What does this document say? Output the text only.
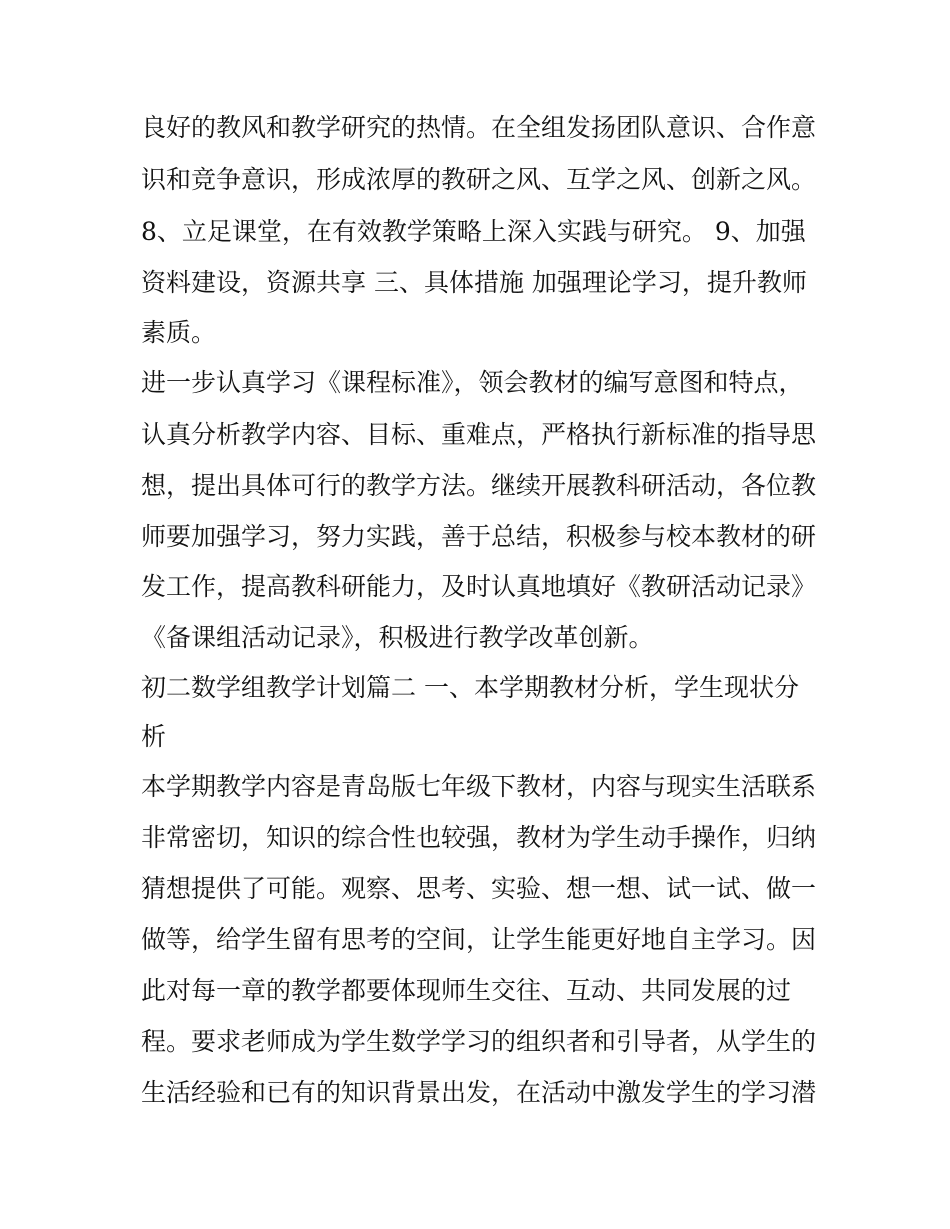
良好的教风和教学研究的热情。在全组发扬团队意识、合作意
识和竞争意识，形成浓厚的教研之风、互学之风、创新之风。
8、立足课堂，在有效教学策略上深入实践与研究。 9、加强
资料建设，资源共享 三、具体措施 加强理论学习，提升教师
素质。
进一步认真学习《课程标准》，领会教材的编写意图和特点，
认真分析教学内容、目标、重难点，严格执行新标准的指导思
想，提出具体可行的教学方法。继续开展教科研活动，各位教
师要加强学习，努力实践，善于总结，积极参与校本教材的研
发工作，提高教科研能力，及时认真地填好《教研活动记录》
《备课组活动记录》，积极进行教学改革创新。
初二数学组教学计划篇二 一、本学期教材分析，学生现状分
析
本学期教学内容是青岛版七年级下教材，内容与现实生活联系
非常密切，知识的综合性也较强，教材为学生动手操作，归纳
猜想提供了可能。观察、思考、实验、想一想、试一试、做一
做等，给学生留有思考的空间，让学生能更好地自主学习。因
此对每一章的教学都要体现师生交往、互动、共同发展的过
程。要求老师成为学生数学学习的组织者和引导者，从学生的
生活经验和已有的知识背景出发，在活动中激发学生的学习潜
